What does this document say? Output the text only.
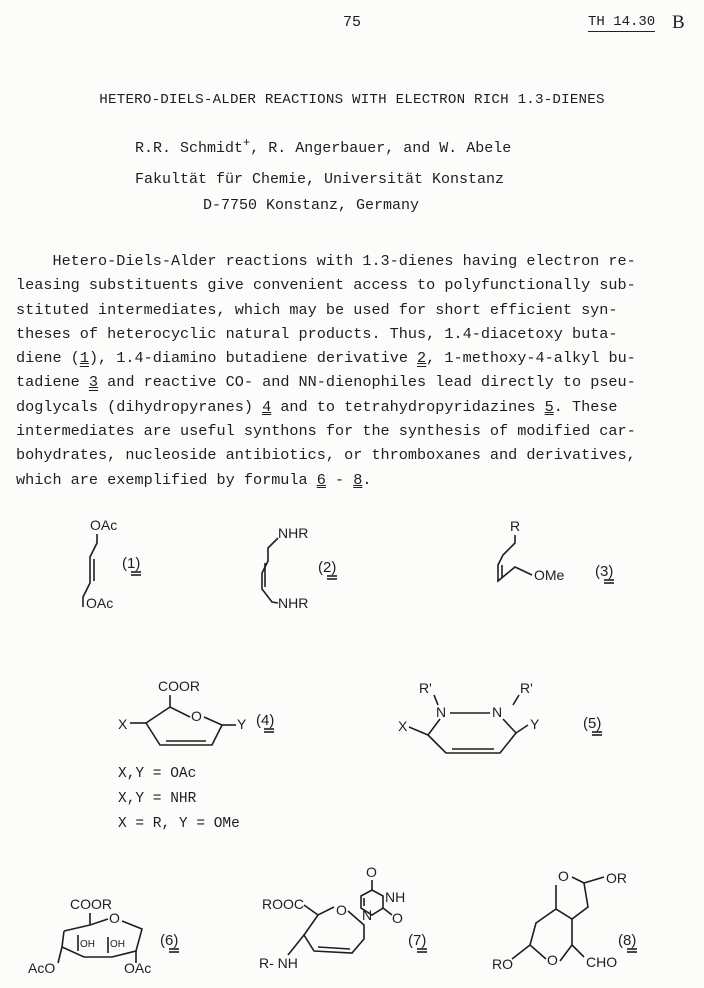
75	TH 14.30 B
HETERO-DIELS-ALDER REACTIONS WITH ELECTRON RICH 1.3-DIENES
R.R. Schmidt+, R. Angerbauer, and W. Abele
Fakultät für Chemie, Universität Konstanz
D-7750 Konstanz, Germany
Hetero-Diels-Alder reactions with 1.3-dienes having electron re-
leasing substituents give convenient access to polyfunctionally sub-
stituted intermediates, which may be used for short efficient syn-
theses of heterocyclic natural products. Thus, 1.4-diacetoxy buta-
diene (1), 1.4-diamino butadiene derivative 2, 1-methoxy-4-alkyl bu-
tadiene 3 and reactive CO- and NN-dienophiles lead directly to pseu-
doglycals (dihydropyranes) 4 and to tetrahydropyridazines 5. These
intermediates are useful synthons for the synthesis of modified car-
bohydrates, nucleoside antibiotics, or thromboxanes and derivatives,
which are exemplified by formula 6 - 8.
OAc
OAc
(1)
NHR
NHR
(2)
R
OMe (3)
COOR
O
X	Y (4)
R'	R'
N	N
X	Y	(5)
COOR
O
OH OH
AcO	OAc
(6)
O
NH
N O
ROOC O
R- NH
(7)
O	OR
O
RO	CHO
(8)
X,Y = OAc
X,Y = NHR
X = R, Y = OMe
